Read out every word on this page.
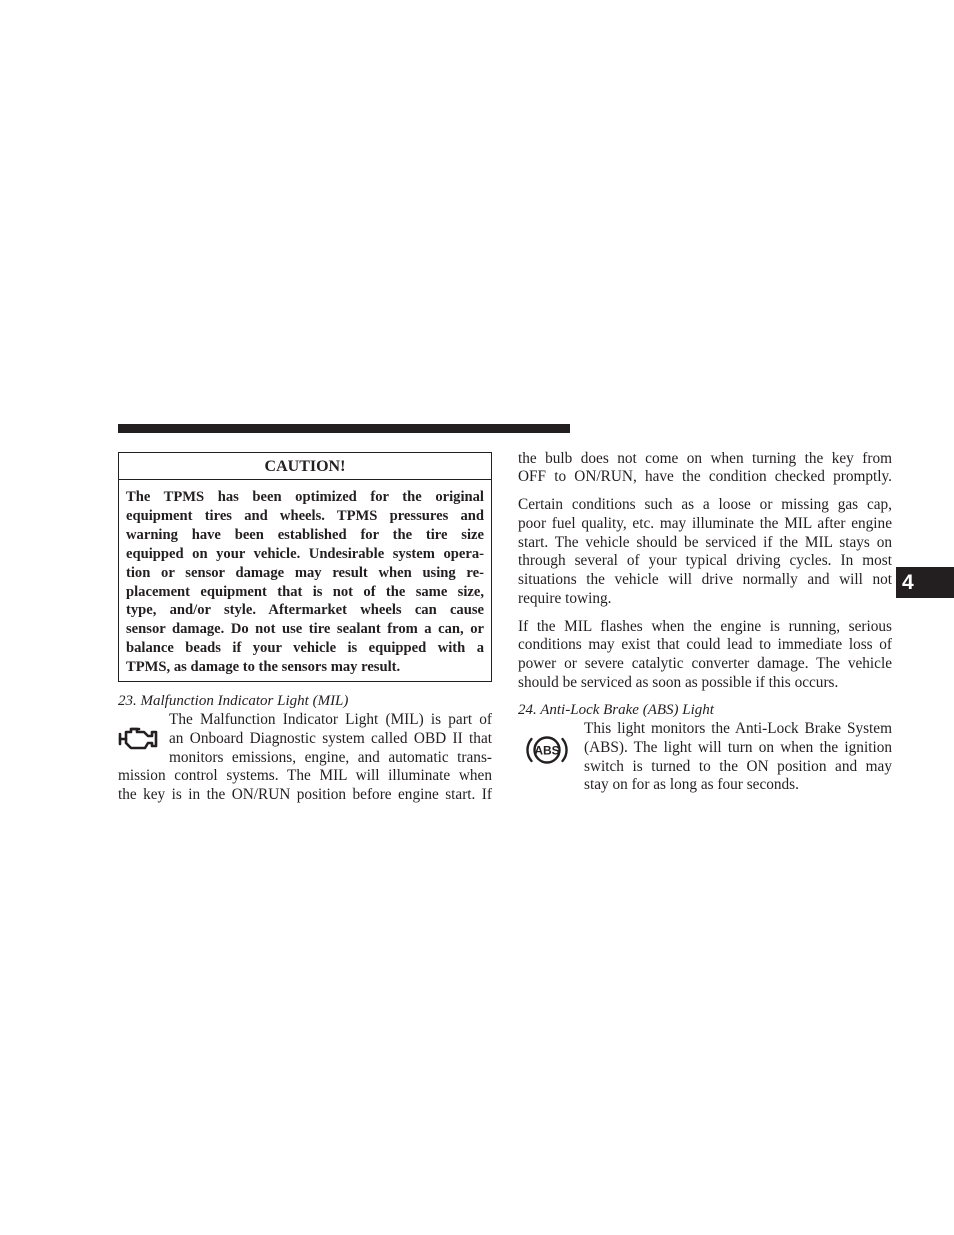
4
CAUTION!
The TPMS has been optimized for the original
equipment tires and wheels. TPMS pressures and
warning have been established for the tire size
equipped on your vehicle. Undesirable system opera-
tion or sensor damage may result when using re-
placement equipment that is not of the same size,
type, and/or style. Aftermarket wheels can cause
sensor damage. Do not use tire sealant from a can, or
balance beads if your vehicle is equipped with a
TPMS, as damage to the sensors may result.
23. Malfunction Indicator Light (MIL)
The Malfunction Indicator Light (MIL) is part of
an Onboard Diagnostic system called OBD II that
monitors emissions, engine, and automatic trans-
mission control systems. The MIL will illuminate when
the key is in the ON/RUN position before engine start. If
the bulb does not come on when turning the key from
OFF to ON/RUN, have the condition checked promptly.
Certain conditions such as a loose or missing gas cap,
poor fuel quality, etc. may illuminate the MIL after engine
start. The vehicle should be serviced if the MIL stays on
through several of your typical driving cycles. In most
situations the vehicle will drive normally and will not
require towing.
If the MIL flashes when the engine is running, serious
conditions may exist that could lead to immediate loss of
power or severe catalytic converter damage. The vehicle
should be serviced as soon as possible if this occurs.
24. Anti-Lock Brake (ABS) Light
ABS
This light monitors the Anti-Lock Brake System
(ABS). The light will turn on when the ignition
switch is turned to the ON position and may
stay on for as long as four seconds.
